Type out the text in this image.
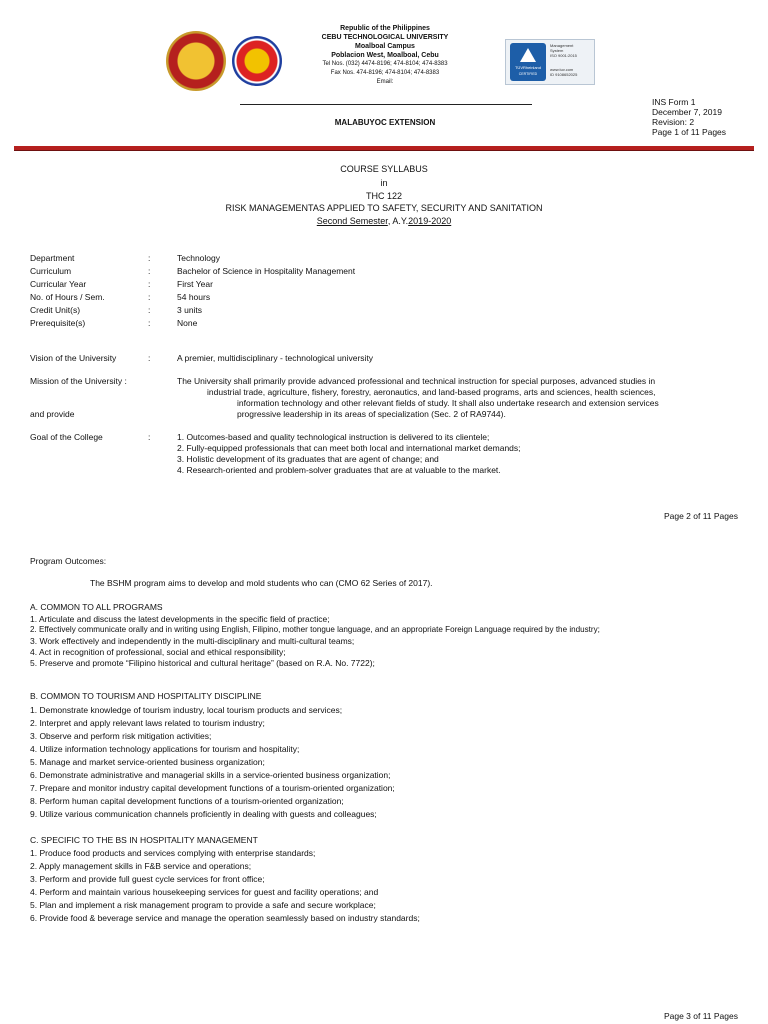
Republic of the Philippines
CEBU TECHNOLOGICAL UNIVERSITY
Moalboal Campus
Poblacion West, Moalboal, Cebu
Tel Nos. (032) 4474-8196; 474-8104; 474-8383
Fax Nos. 474-8196; 474-8104; 474-8383
Email:
MALABUYOC EXTENSION
TÜVRheinland
CERTIFIED
Management
System
ISO 9001:2015
www.tuv.com
ID 9108652025
INS Form 1
December 7, 2019
Revision: 2
Page 1 of 11 Pages
COURSE SYLLABUS
in
THC 122
RISK MANAGEMENTAS APPLIED TO SAFETY, SECURITY AND SANITATION
Second Semester, A.Y.2019-2020
Department	:	Technology
Curriculum	:	Bachelor of Science in Hospitality Management
Curricular Year	:	First Year
No. of Hours / Sem.	:	54 hours
Credit Unit(s)	:	3 units
Prerequisite(s)	:	None
Vision of the University	:	A premier, multidisciplinary - technological university
Mission of the University :	The University shall primarily provide advanced professional and technical instruction for special purposes, advanced studies in
industrial trade, agriculture, fishery, forestry, aeronautics, and land-based programs, arts and sciences, health sciences,
information technology and other relevant fields of study. It shall also undertake research and extension services
and provide	progressive leadership in its areas of specialization (Sec. 2 of RA9744).
Goal of the College	:	1. Outcomes-based and quality technological instruction is delivered to its clientele;
2. Fully-equipped professionals that can meet both local and international market demands;
3. Holistic development of its graduates that are agent of change; and
4. Research-oriented and problem-solver graduates that are at valuable to the market.
Page 2 of 11 Pages
Program Outcomes:
The BSHM program aims to develop and mold students who can (CMO 62 Series of 2017).
A. COMMON TO ALL PROGRAMS
1. Articulate and discuss the latest developments in the specific field of practice;
2. Effectively communicate orally and in writing using English, Filipino, mother tongue language, and an appropriate Foreign Language required by the industry;
3. Work effectively and independently in the multi-disciplinary and multi-cultural teams;
4. Act in recognition of professional, social and ethical responsibility;
5. Preserve and promote “Filipino historical and cultural heritage” (based on R.A. No. 7722);
B. COMMON TO TOURISM AND HOSPITALITY DISCIPLINE
1. Demonstrate knowledge of tourism industry, local tourism products and services;
2. Interpret and apply relevant laws related to tourism industry;
3. Observe and perform risk mitigation activities;
4. Utilize information technology applications for tourism and hospitality;
5. Manage and market service-oriented business organization;
6. Demonstrate administrative and managerial skills in a service-oriented business organization;
7. Prepare and monitor industry capital development functions of a tourism-oriented organization;
8. Perform human capital development functions of a tourism-oriented organization;
9. Utilize various communication channels proficiently in dealing with guests and colleagues;
C. SPECIFIC TO THE BS IN HOSPITALITY MANAGEMENT
1. Produce food products and services complying with enterprise standards;
2. Apply management skills in F&B service and operations;
3. Perform and provide full guest cycle services for front office;
4. Perform and maintain various housekeeping services for guest and facility operations; and
5. Plan and implement a risk management program to provide a safe and secure workplace;
6. Provide food & beverage service and manage the operation seamlessly based on industry standards;
Page 3 of 11 Pages
